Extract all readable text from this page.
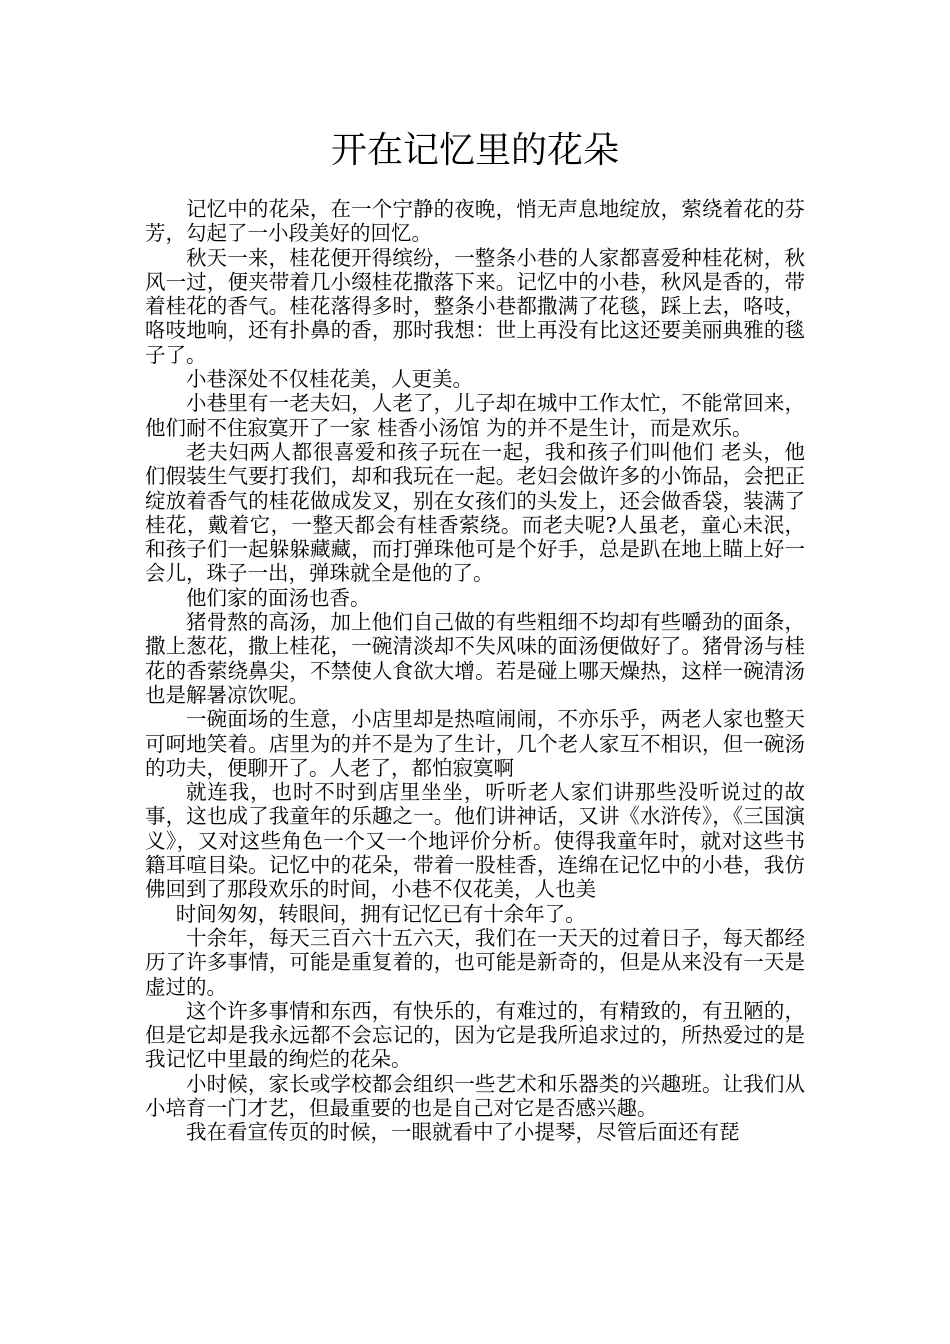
开在记忆里的花朵

记忆中的花朵，在一个宁静的夜晚，悄无声息地绽放，萦绕着花的芬芳，勾起了一小段美好的回忆。

秋天一来，桂花便开得缤纷，一整条小巷的人家都喜爱种桂花树，秋风一过，便夹带着几小缀桂花撒落下来。记忆中的小巷，秋风是香的，带着桂花的香气。桂花落得多时，整条小巷都撒满了花毯，踩上去，咯吱，咯吱地响，还有扑鼻的香，那时我想：世上再没有比这还要美丽典雅的毯子了。

小巷深处不仅桂花美，人更美。

小巷里有一老夫妇，人老了，儿子却在城中工作太忙，不能常回来，他们耐不住寂寞开了一家 桂香小汤馆 为的并不是生计，而是欢乐。

老夫妇两人都很喜爱和孩子玩在一起，我和孩子们叫他们 老头，他们假装生气要打我们，却和我玩在一起。老妇会做许多的小饰品，会把正绽放着香气的桂花做成发叉，别在女孩们的头发上，还会做香袋，装满了桂花，戴着它，一整天都会有桂香萦绕。而老夫呢?人虽老，童心未泯，和孩子们一起躲躲藏藏，而打弹珠他可是个好手，总是趴在地上瞄上好一会儿，珠子一出，弹珠就全是他的了。

他们家的面汤也香。

猪骨熬的高汤，加上他们自己做的有些粗细不均却有些嚼劲的面条，撒上葱花，撒上桂花，一碗清淡却不失风味的面汤便做好了。猪骨汤与桂花的香萦绕鼻尖，不禁使人食欲大增。若是碰上哪天燥热，这样一碗清汤也是解暑凉饮呢。

一碗面场的生意，小店里却是热喧闹闹，不亦乐乎，两老人家也整天可呵地笑着。店里为的并不是为了生计，几个老人家互不相识，但一碗汤的功夫，便聊开了。人老了，都怕寂寞啊

就连我，也时不时到店里坐坐，听听老人家们讲那些没听说过的故事，这也成了我童年的乐趣之一。他们讲神话，又讲《水浒传》，《三国演义》，又对这些角色一个又一个地评价分析。使得我童年时，就对这些书籍耳喧目染。记忆中的花朵，带着一股桂香，连绵在记忆中的小巷，我仿佛回到了那段欢乐的时间，小巷不仅花美，人也美

时间匆匆，转眼间，拥有记忆已有十余年了。

十余年，每天三百六十五六天，我们在一天天的过着日子，每天都经历了许多事情，可能是重复着的，也可能是新奇的，但是从来没有一天是虚过的。

这个许多事情和东西，有快乐的，有难过的，有精致的，有丑陋的，但是它却是我永远都不会忘记的，因为它是我所追求过的，所热爱过的是我记忆中里最的绚烂的花朵。

小时候，家长或学校都会组织一些艺术和乐器类的兴趣班。让我们从小培育一门才艺，但最重要的也是自己对它是否感兴趣。

我在看宣传页的时候，一眼就看中了小提琴，尽管后面还有琵
